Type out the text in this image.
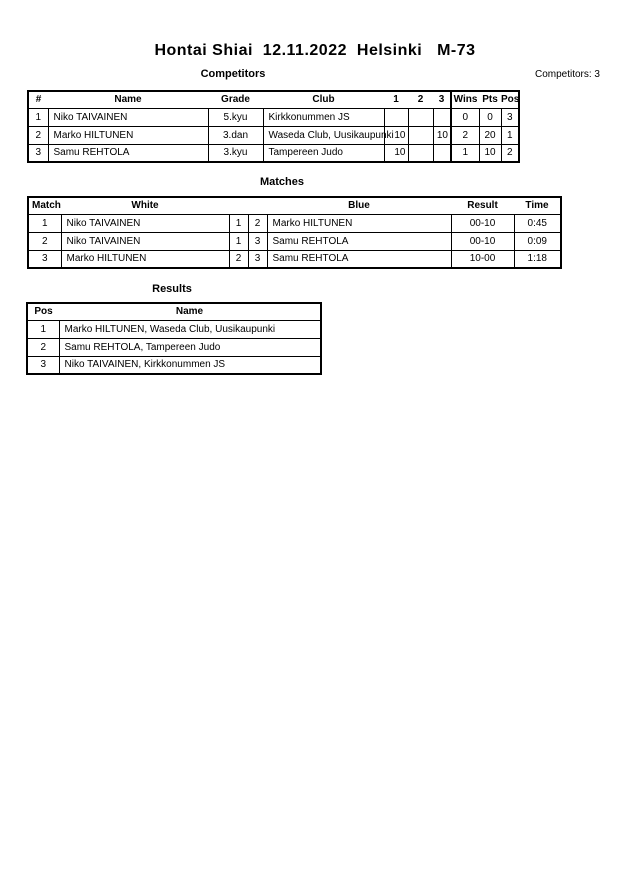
Hontai Shiai  12.11.2022  Helsinki   M-73
Competitors	Competitors: 3
#	Name	Grade	Club	1	2	3	Wins	Pts	Pos
1	Niko TAIVAINEN	5.kyu	Kirkkonummen JS				0	0	3
2	Marko HILTUNEN	3.dan	Waseda Club, Uusikaupunki	10		10	2	20	1
3	Samu REHTOLA	3.kyu	Tampereen Judo	10			1	10	2
Matches
Match	White			Blue	Result	Time
1	Niko TAIVAINEN	1	2	Marko HILTUNEN	00-10	0:45
2	Niko TAIVAINEN	1	3	Samu REHTOLA	00-10	0:09
3	Marko HILTUNEN	2	3	Samu REHTOLA	10-00	1:18
Results
Pos	Name
1	Marko HILTUNEN, Waseda Club, Uusikaupunki
2	Samu REHTOLA, Tampereen Judo
3	Niko TAIVAINEN, Kirkkonummen JS
